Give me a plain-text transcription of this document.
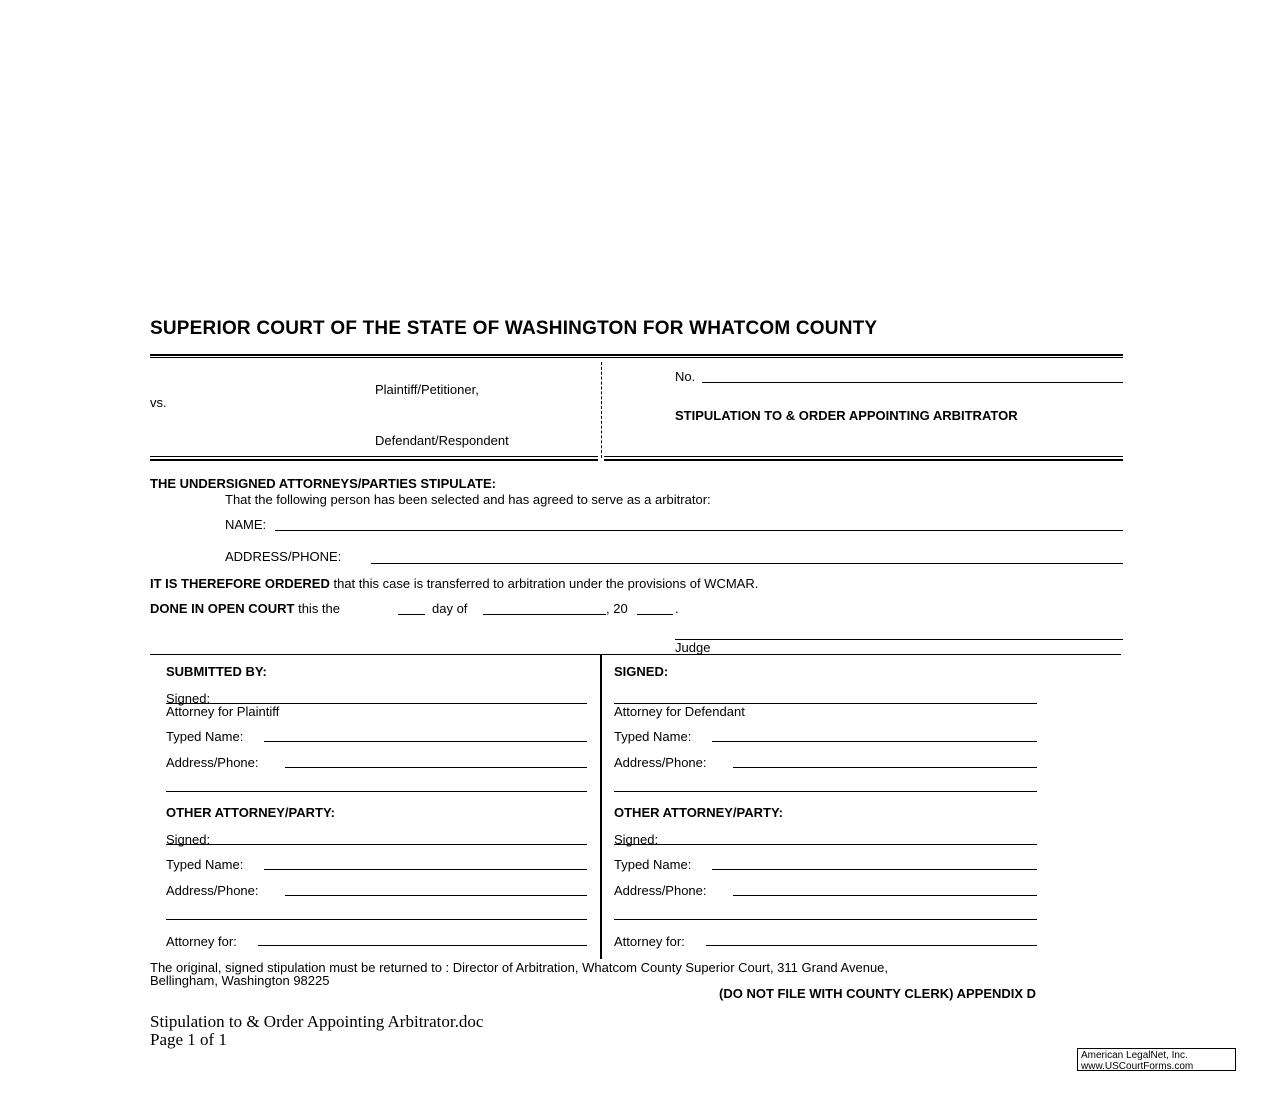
SUPERIOR COURT OF THE STATE OF WASHINGTON FOR WHATCOM COUNTY
Plaintiff/Petitioner,
vs.
Defendant/Respondent
No.
STIPULATION TO & ORDER APPOINTING ARBITRATOR
THE UNDERSIGNED ATTORNEYS/PARTIES STIPULATE:
That the following person has been selected and has agreed to serve as a arbitrator:
NAME:
ADDRESS/PHONE:
IT IS THEREFORE ORDERED that this case is transferred to arbitration under the provisions of WCMAR.
DONE IN OPEN COURT this the	day of	, 20	.
Judge
SUBMITTED BY:
Signed:
Attorney for Plaintiff
Typed Name:
Address/Phone:
OTHER ATTORNEY/PARTY:
Signed:
Typed Name:
Address/Phone:
Attorney for:
SIGNED:
Attorney for Defendant
Typed Name:
Address/Phone:
OTHER ATTORNEY/PARTY:
Signed:
Typed Name:
Address/Phone:
Attorney for:
The original, signed stipulation must be returned to : Director of Arbitration, Whatcom County Superior Court, 311 Grand Avenue,
Bellingham, Washington 98225
(DO NOT FILE WITH COUNTY CLERK) APPENDIX D
Stipulation to & Order Appointing Arbitrator.doc
Page 1 of 1
American LegalNet, Inc.
www.USCourtForms.com
